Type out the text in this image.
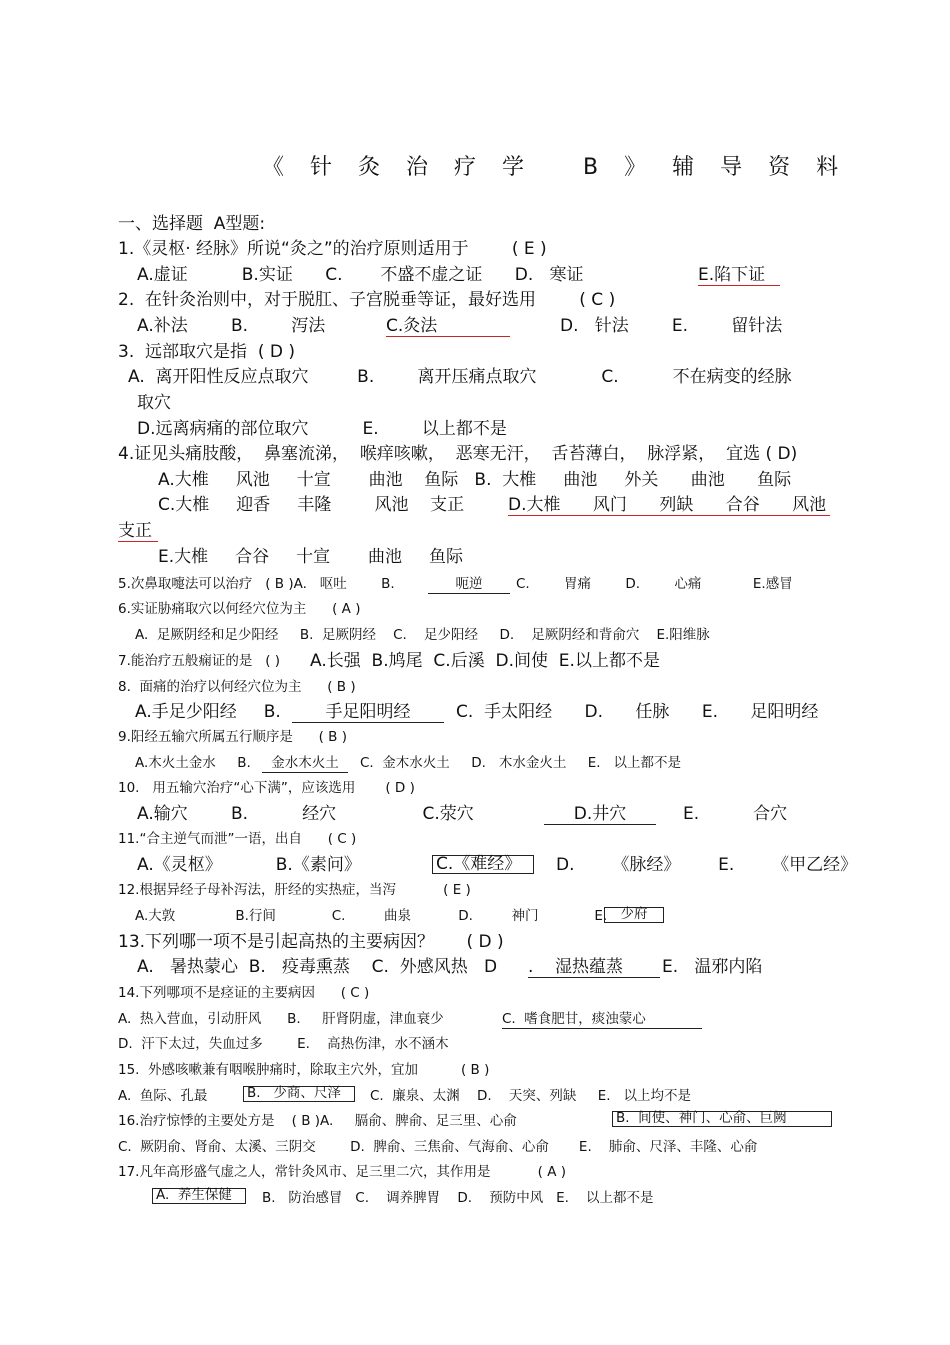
《针灸治疗学 B》辅导资料
一、选择题  A型题:
1.《灵枢· 经脉》所说“灸之”的治疗原则适用于        ( E )
A.虚证          B.实证      C.       不盛不虚之证      D.   寒证	E.陷下证
2.  在针灸治则中，对于脱肛、子宫脱垂等证，最好选用        ( C )
A.补法        B.        泻法	C.灸法	D.   针法        E.        留针法
3.  远部取穴是指  ( D )
A.  离开阳性反应点取穴         B.        离开压痛点取穴            C.          不在病变的经脉
取穴
D.远离病痛的部位取穴          E.        以上都不是
4.证见头痛肢酸，  鼻塞流涕，  喉痒咳嗽，  恶寒无汗，  舌苔薄白，  脉浮紧，  宜选 ( D)
A.大椎     风池     十宣       曲池    鱼际   B.  大椎     曲池     外关      曲池      鱼际
C.大椎     迎香     丰隆        风池    支正	D.大椎      风门      列缺      合谷      风池
支正
E.大椎     合谷     十宣       曲池     鱼际
5.次鼻取嚏法可以治疗   ( B )A.   呕吐        B.	呃逆	C.        胃痛        D.        心痛            E.感冒
6.实证胁痛取穴以何经穴位为主      ( A )
A.  足厥阴经和足少阳经     B.  足厥阴经    C.    足少阳经     D.    足厥阴经和背俞穴    E.阳维脉
7.能治疗五般痫证的是   ( ) A.长强  B.鸠尾  C.后溪  D.间使  E.以上都不是
8.  面痛的治疗以何经穴位为主      ( B )
A.手足少阳经     B.	手足阳明经	C.  手太阳经      D.      任脉      E.      足阳明经
9.阳经五输穴所属五行顺序是      ( B )
A.木火土金水     B.	金水木火土	C.  金木水火土     D.   木水金火土     E.   以上都不是
10.   用五输穴治疗“心下满”，应该选用       ( D )
A.输穴        B.          经穴                C.荥穴	D.井穴	E.          合穴
11.“合主逆气而泄”一语，出自      ( C )
A.《灵枢》          B.《素问》	C.《难经》	D.       《脉经》       E.       《甲乙经》
12.根据异经子母补泻法，肝经的实热症，当泻           ( E )
A.大敦              B.行间             C.         曲泉           D.         神门             E. 少府
13.下列哪一项不是引起高热的主要病因？      ( D )
A.   暑热蒙心  B.   疫毒熏蒸    C.  外感风热   D .    湿热蕴蒸	E.   温邪内陷
14.下列哪项不是痉证的主要病因      ( C )
A.  热入营血，引动肝风      B.     肝肾阴虚，津血衰少	C.  嗜食肥甘，痰浊蒙心
D.  汗下太过，失血过多        E.    高热伤津，水不涵木
15.  外感咳嗽兼有咽喉肿痛时，除取主穴外，宜加          ( B )
A.  鱼际、孔最	B.   少商、尺泽	C.  廉泉、太渊    D.    天突、列缺     E.   以上均不是
16.治疗惊悸的主要处方是    ( B )A.     膈俞、脾俞、足三里、心俞	B.  间使、神门、心俞、巨阙
C.  厥阴俞、肾俞、太溪、三阴交        D.  脾俞、三焦俞、气海俞、心俞       E.    肺俞、尺泽、丰隆、心俞
17.凡年高形盛气虚之人，常针灸风市、足三里二穴，其作用是           ( A )
A.  养生保健	B.   防治感冒   C.    调养脾胃    D.    预防中风   E.    以上都不是
